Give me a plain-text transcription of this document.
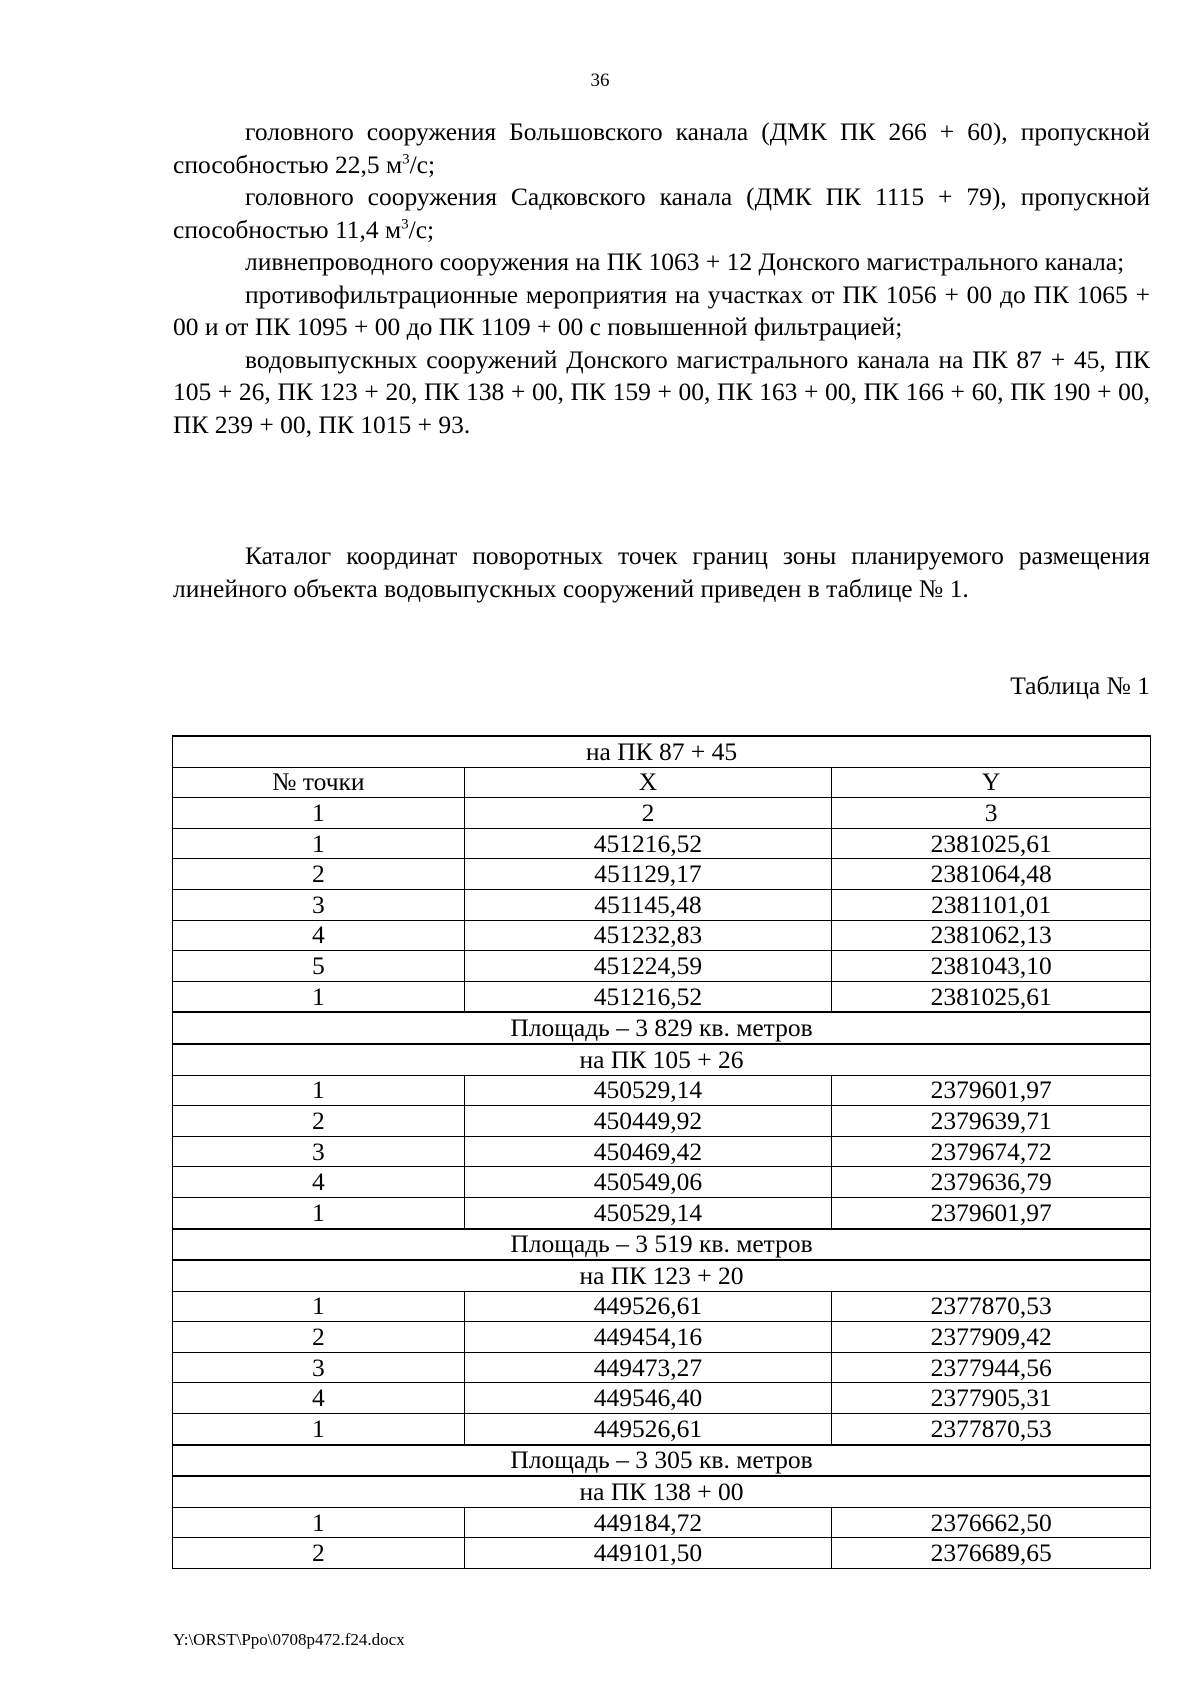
36

головного сооружения Большовского канала (ДМК ПК 266 + 60), пропускной способностью 22,5 $м^3/с$;

головного сооружения Садковского канала (ДМК ПК 1115 + 79), пропускной способностью 11,4 $м^3/с$;

ливнепроводного сооружения на ПК 1063 + 12 Донского магистрального канала;

противофильтрационные мероприятия на участках от ПК 1056 + 00 до ПК 1065 + 00 и от ПК 1095 + 00 до ПК 1109 + 00 с повышенной фильтрацией;

водовыпускных сооружений Донского магистрального канала на ПК 87 + 45, ПК 105 + 26, ПК 123 + 20, ПК 138 + 00, ПК 159 + 00, ПК 163 + 00, ПК 166 + 60, ПК 190 + 00, ПК 239 + 00, ПК 1015 + 93.

Каталог координат поворотных точек границ зоны планируемого размещения линейного объекта водовыпускных сооружений приведен в таблице № 1.

Таблица № 1
на ПК 87 + 45		
№ точки	X	Y
1	2	3
1	451216,52	2381025,61
2	451129,17	2381064,48
3	451145,48	2381101,01
4	451232,83	2381062,13
5	451224,59	2381043,10
1	451216,52	2381025,61
Площадь – 3 829 кв. метров		
на ПК 105 + 26		
1	450529,14	2379601,97
2	450449,92	2379639,71
3	450469,42	2379674,72
4	450549,06	2379636,79
1	450529,14	2379601,97
Площадь – 3 519 кв. метров		
на ПК 123 + 20		
1	449526,61	2377870,53
2	449454,16	2377909,42
3	449473,27	2377944,56
4	449546,40	2377905,31
1	449526,61	2377870,53
Площадь – 3 305 кв. метров		
на ПК 138 + 00		
1	449184,72	2376662,50
2	449101,50	2376689,65
Y:\ORST\Ppo\0708p472.f24.docx
